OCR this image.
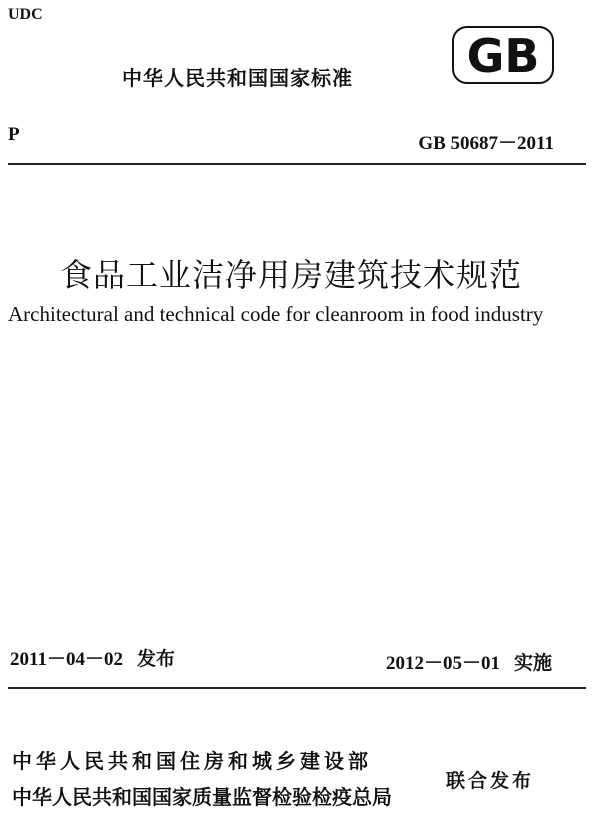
UDC
中华人民共和国国家标准 GB
P	GB 50687－2011
食品工业洁净用房建筑技术规范
Architectural and technical code for cleanroom in food industry
2011－04－02 发布	2012－05－01 实施
中华人民共和国住房和城乡建设部
中华人民共和国国家质量监督检验检疫总局
联合发布
